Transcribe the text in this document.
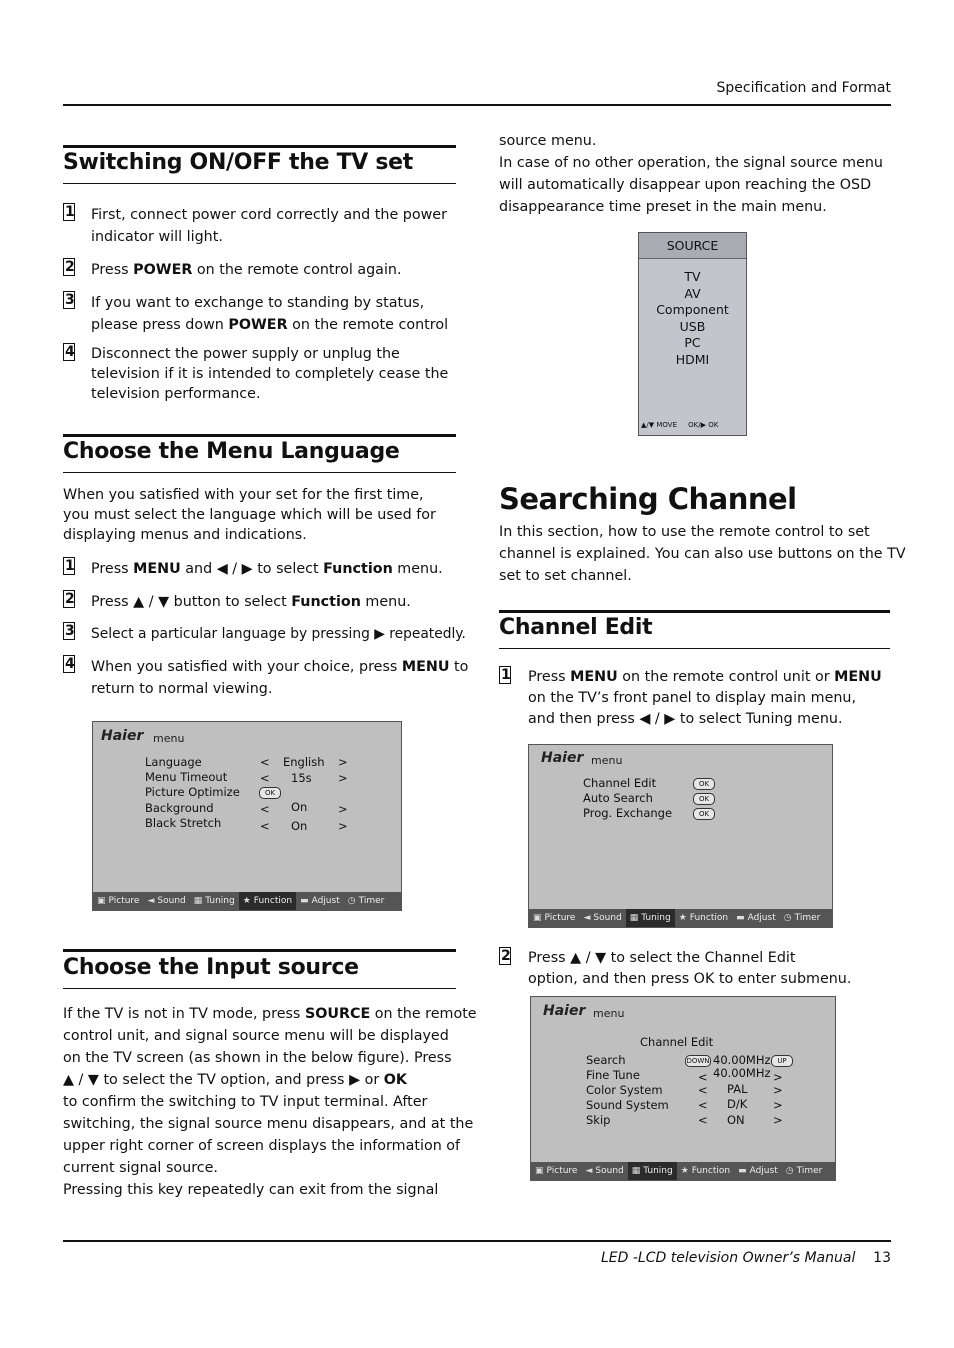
Specification and Format
Switching ON/OFF the TV set
1 First, connect power cord correctly and the power
indicator will light.
2 Press POWER on the remote control again.
3 If you want to exchange to standing by status,
please press down POWER on the remote control
4 Disconnect the power supply or unplug the
television if it is intended to completely cease the
television performance.
Choose the Menu Language
When you satisfied with your set for the first time,
you must select the language which will be used for
displaying menus and indications.
1 Press MENU and ◀ / ▶ to select Function menu.
2 Press ▲ / ▼ button to select Function menu.
3 Select a particular language by pressing ▶ repeatedly.
4 When you satisfied with your choice, press MENU to
return to normal viewing.
Haier menu
Language	< English >
Menu Timeout	< 15s >
Picture Optimize	OK
Background	< On	>
Black Stretch	< On	>
▣ Picture ◄ Sound ▦ Tuning ★ Function ▬ Adjust ◷ Timer
Choose the Input source
If the TV is not in TV mode, press SOURCE on the remote
control unit, and signal source menu will be displayed
on the TV screen (as shown in the below figure). Press
▲ / ▼ to select the TV option, and press ▶ or OK
to confirm the switching to TV input terminal. After
switching, the signal source menu disappears, and at the
upper right corner of screen displays the information of
current signal source.
Pressing this key repeatedly can exit from the signal
source menu.
In case of no other operation, the signal source menu
will automatically disappear upon reaching the OSD
disappearance time preset in the main menu.
SOURCE
TV
AV
Component
USB
PC
HDMI
▲/▼ MOVE OK/▶ OK
Searching Channel
In this section, how to use the remote control to set
channel is explained. You can also use buttons on the TV
set to set channel.
Channel Edit
1 Press MENU on the remote control unit or MENU
on the TV’s front panel to display main menu,
and then press ◀ / ▶ to select Tuning menu.
Haier menu
Channel Edit	OK
Auto Search	OK
Prog. Exchange	OK
▣ Picture ◄ Sound ▦ Tuning ★ Function ▬ Adjust ◷ Timer
2 Press ▲ / ▼ to select the Channel Edit
option, and then press OK to enter submenu.
Haier menu
Channel Edit
Search	DOWN 40.00MHz UP
Fine Tune	< 40.00MHz >
Color System	< PAL >
Sound System	< D/K >
Skip	< ON >
▣ Picture ◄ Sound ▦ Tuning ★ Function ▬ Adjust ◷ Timer
LED -LCD television Owner’s Manual 13
